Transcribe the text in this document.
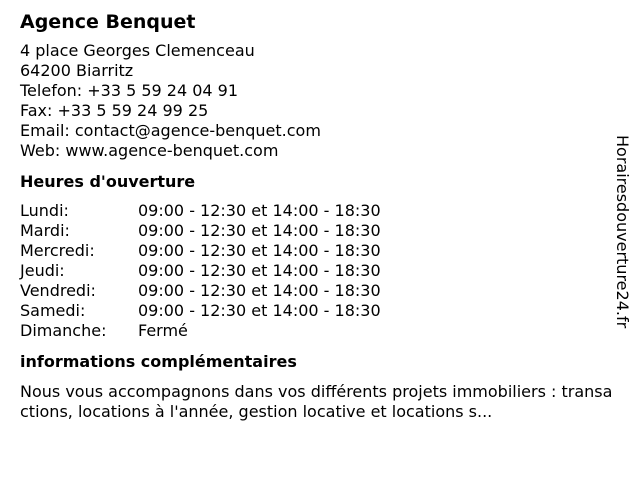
Agence Benquet
4 place Georges Clemenceau
64200 Biarritz
Telefon: +33 5 59 24 04 91
Fax: +33 5 59 24 99 25
Email: contact@agence-benquet.com
Web: www.agence-benquet.com
Heures d'ouverture
Lundi:	09:00 - 12:30 et 14:00 - 18:30
Mardi:	09:00 - 12:30 et 14:00 - 18:30
Mercredi:	09:00 - 12:30 et 14:00 - 18:30
Jeudi:	09:00 - 12:30 et 14:00 - 18:30
Vendredi:	09:00 - 12:30 et 14:00 - 18:30
Samedi:	09:00 - 12:30 et 14:00 - 18:30
Dimanche:	Fermé
informations complémentaires
Nous vous accompagnons dans vos différents projets immobiliers : transactions, locations à l'année, gestion locative et locations s...
Horairesdouverture24.fr
